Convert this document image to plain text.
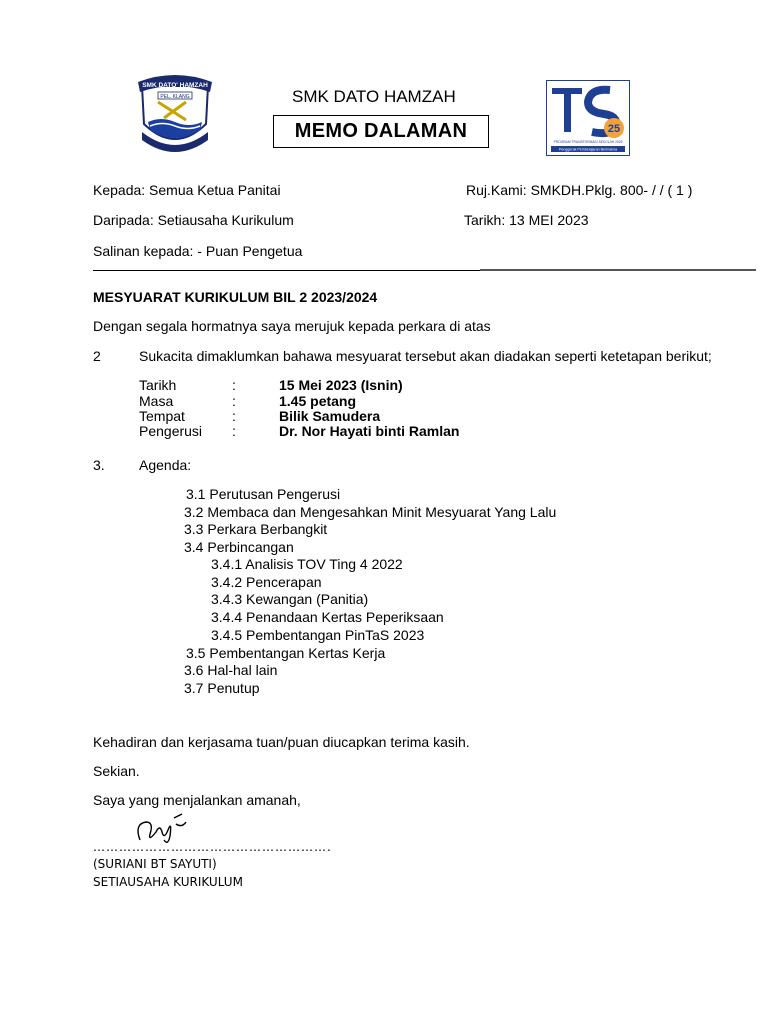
SMK DATO' HAMZAH
PEL. KLANG	SMK DATO HAMZAH
MEMO DALAMAN	25
PROGRAM TRANSFORMASI SEKOLAH 2025
Penggerak Pembelajaran Bermakna
Kepada: Semua Ketua Panitai	Ruj.Kami: SMKDH.Pklg. 800- / / ( 1 )
Daripada: Setiausaha Kurikulum	Tarikh: 13 MEI 2023
Salinan kepada: - Puan Pengetua
MESYUARAT KURIKULUM BIL 2 2023/2024
Dengan segala hormatnya saya merujuk kepada perkara di atas
2	Sukacita dimaklumkan bahawa mesyuarat tersebut akan diadakan seperti ketetapan berikut;
Tarikh	:	15 Mei 2023 (Isnin)
Masa	:	1.45 petang
Tempat	:	Bilik Samudera
Pengerusi :	Dr. Nor Hayati binti Ramlan
3. Agenda:
3.1 Perutusan Pengerusi
3.2 Membaca dan Mengesahkan Minit Mesyuarat Yang Lalu
3.3 Perkara Berbangkit
3.4 Perbincangan
3.4.1 Analisis TOV Ting 4 2022
3.4.2 Pencerapan
3.4.3 Kewangan (Panitia)
3.4.4 Penandaan Kertas Peperiksaan
3.4.5 Pembentangan PinTaS 2023
3.5 Pembentangan Kertas Kerja
3.6 Hal-hal lain
3.7 Penutup
Kehadiran dan kerjasama tuan/puan diucapkan terima kasih.
Sekian.
Saya yang menjalankan amanah,
……………………………………………….
(SURIANI BT SAYUTI)
SETIAUSAHA KURIKULUM
